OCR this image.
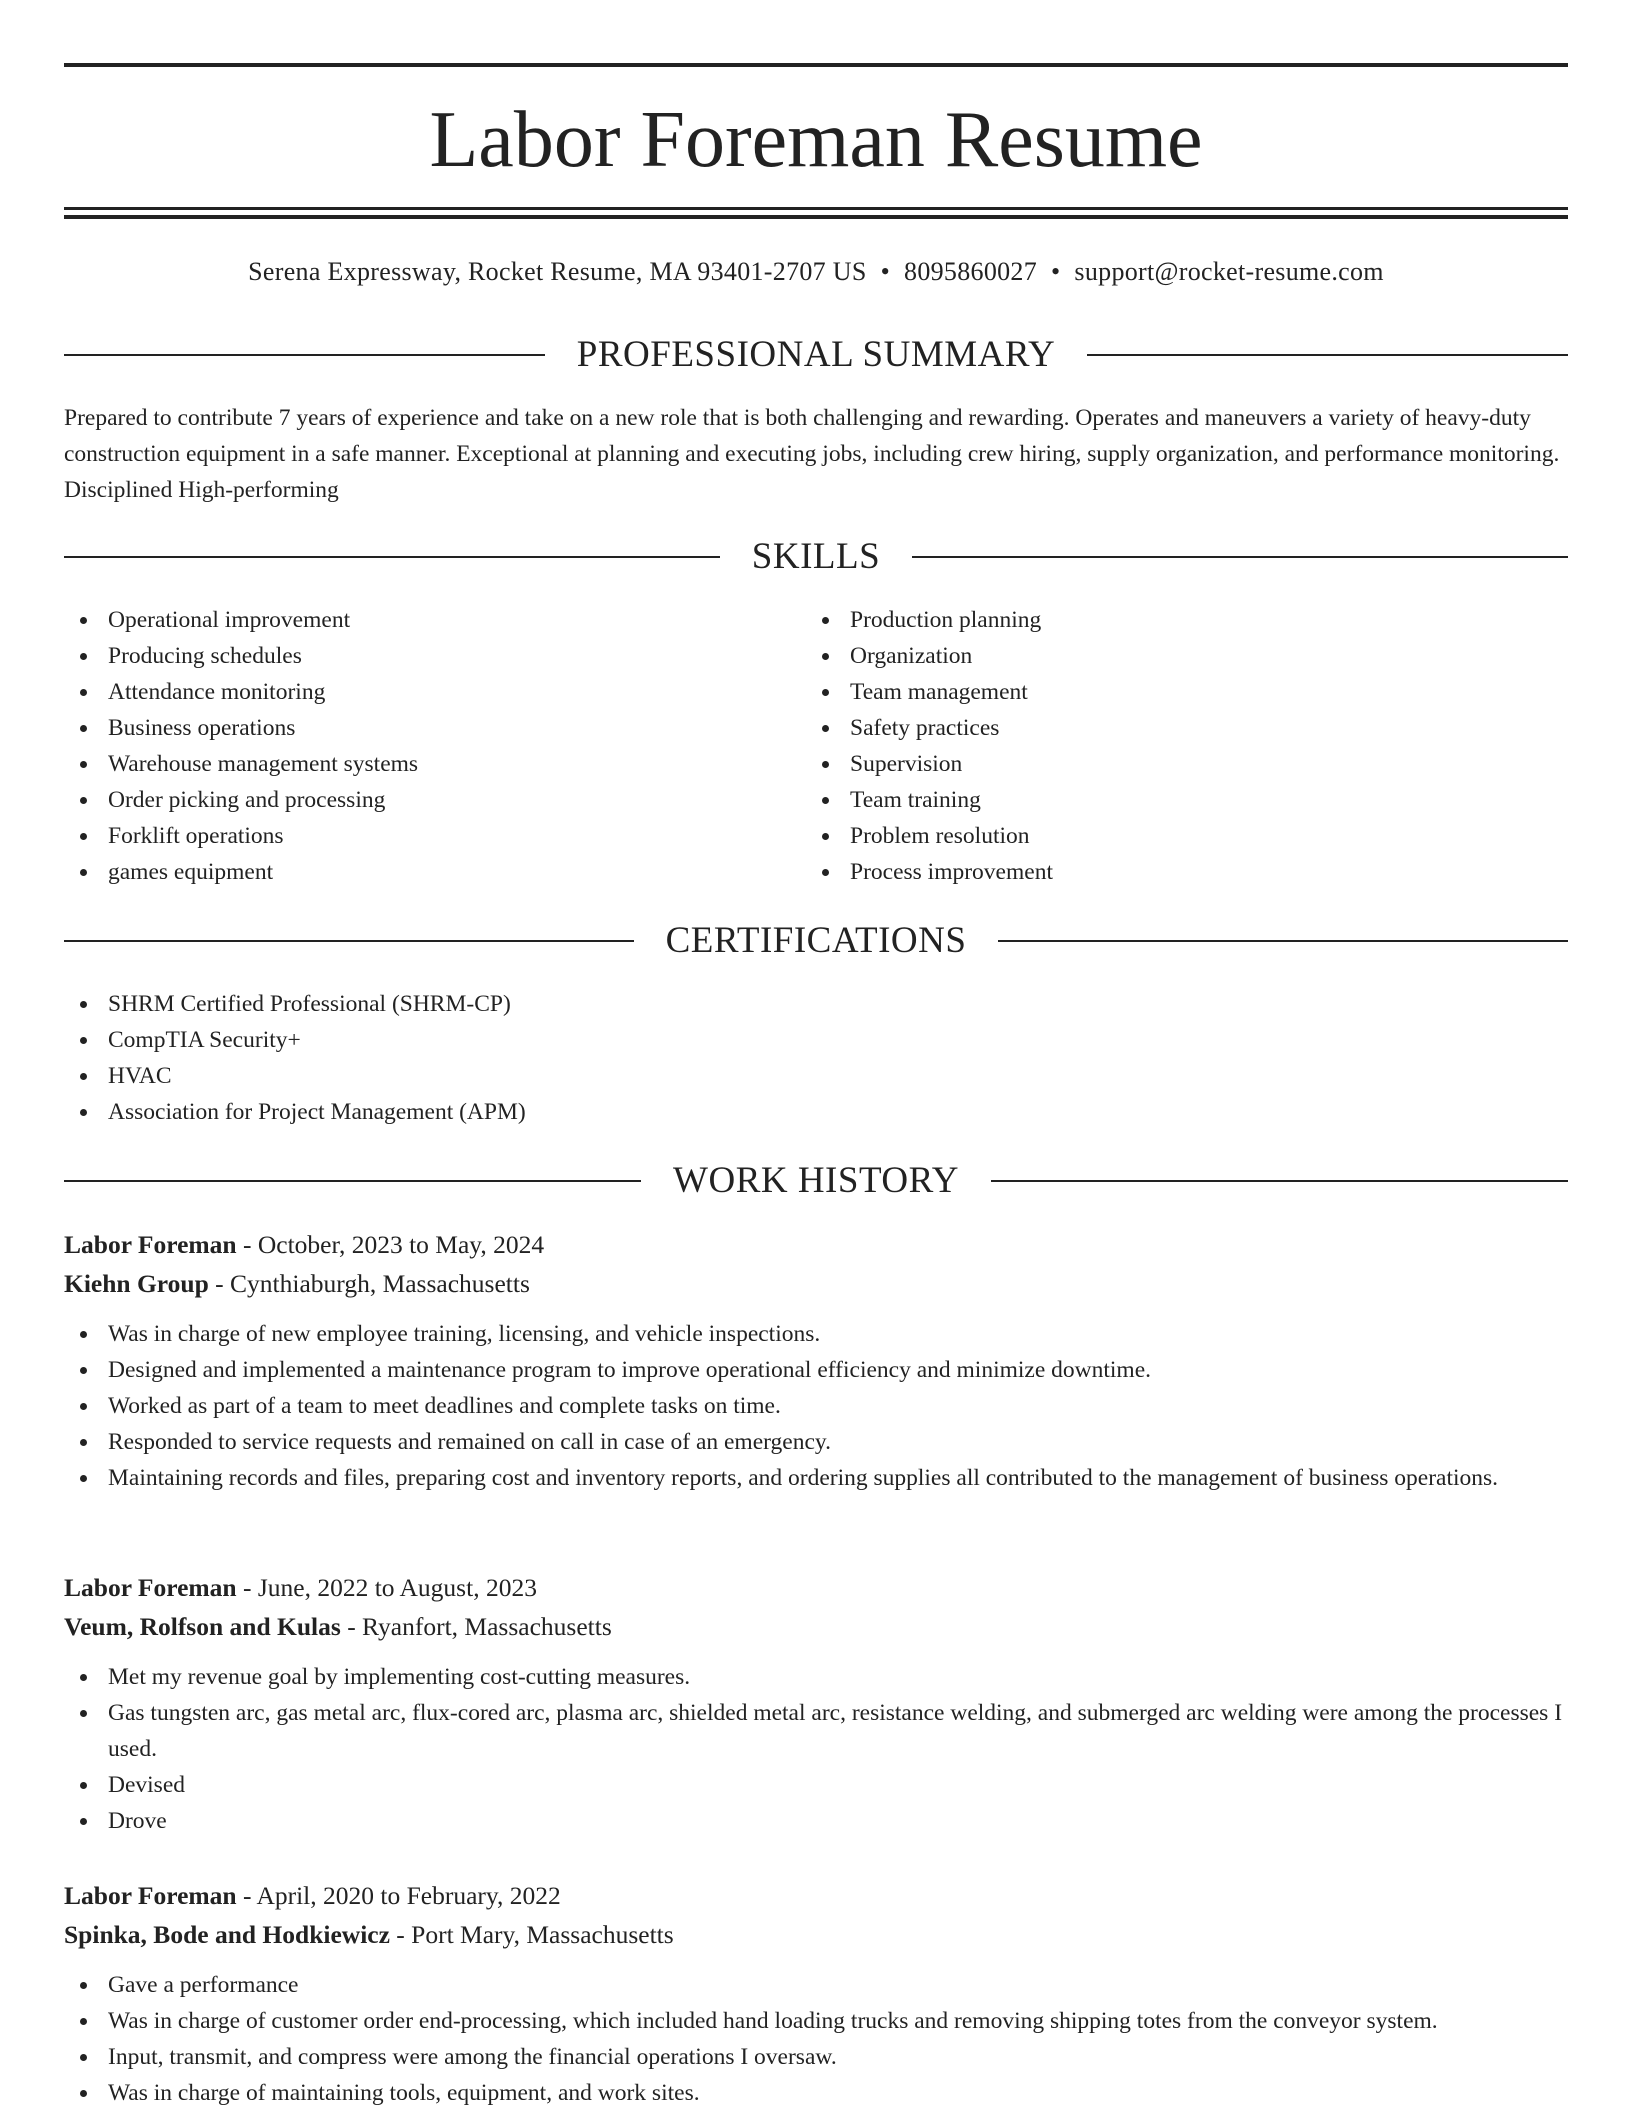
Labor Foreman Resume
Serena Expressway, Rocket Resume, MA 93401-2707 US • 8095860027 • support@rocket-resume.com
PROFESSIONAL SUMMARY

Prepared to contribute 7 years of experience and take on a new role that is both challenging and rewarding. Operates and maneuvers a variety of heavy-duty construction equipment in a safe manner. Exceptional at planning and executing jobs, including crew hiring, supply organization, and performance monitoring. Disciplined High-performing

SKILLS
Operational improvement
Producing schedules
Attendance monitoring
Business operations
Warehouse management systems
Order picking and processing
Forklift operations
games equipment
Production planning
Organization
Team management
Safety practices
Supervision
Team training
Problem resolution
Process improvement
CERTIFICATIONS
SHRM Certified Professional (SHRM-CP)
CompTIA Security+
HVAC
Association for Project Management (APM)
WORK HISTORY

Labor Foreman - October, 2023 to May, 2024

Kiehn Group - Cynthiaburgh, Massachusetts

Was in charge of new employee training, licensing, and vehicle inspections.
Designed and implemented a maintenance program to improve operational efficiency and minimize downtime.
Worked as part of a team to meet deadlines and complete tasks on time.
Responded to service requests and remained on call in case of an emergency.
Maintaining records and files, preparing cost and inventory reports, and ordering supplies all contributed to the management of business operations.

Labor Foreman - June, 2022 to August, 2023

Veum, Rolfson and Kulas - Ryanfort, Massachusetts

Met my revenue goal by implementing cost-cutting measures.
Gas tungsten arc, gas metal arc, flux-cored arc, plasma arc, shielded metal arc, resistance welding, and submerged arc welding were among the processes I used.
Devised
Drove

Labor Foreman - April, 2020 to February, 2022

Spinka, Bode and Hodkiewicz - Port Mary, Massachusetts

Gave a performance
Was in charge of customer order end-processing, which included hand loading trucks and removing shipping totes from the conveyor system.
Input, transmit, and compress were among the financial operations I oversaw.
Was in charge of maintaining tools, equipment, and work sites.
